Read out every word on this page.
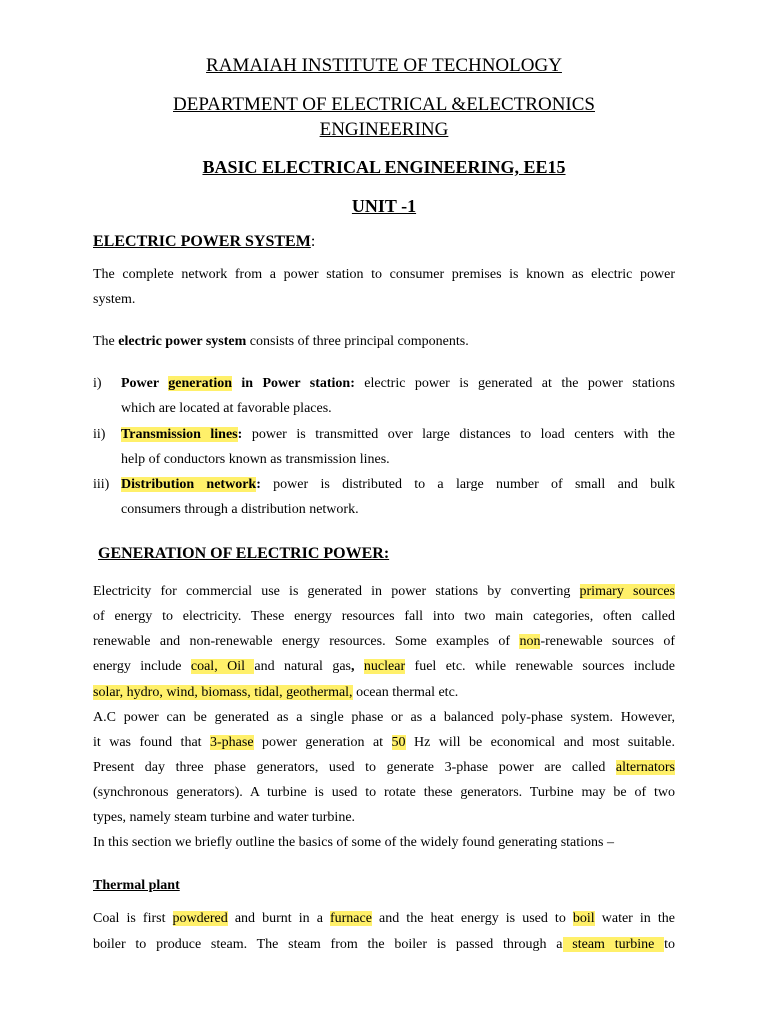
RAMAIAH INSTITUTE OF TECHNOLOGY
DEPARTMENT OF ELECTRICAL &ELECTRONICS
ENGINEERING
BASIC ELECTRICAL ENGINEERING, EE15
UNIT -1
ELECTRIC POWER SYSTEM:
The complete network from a power station to consumer premises is known as electric power
system.
The electric power system consists of three principal components.
i) Power generation in Power station: electric power is generated at the power stations
which are located at favorable places.
ii) Transmission lines: power is transmitted over large distances to load centers with the
help of conductors known as transmission lines.
iii) Distribution network: power is distributed to a large number of small and bulk
consumers through a distribution network.
GENERATION OF ELECTRIC POWER:
Electricity for commercial use is generated in power stations by converting primary sources
of energy to electricity. These energy resources fall into two main categories, often called
renewable and non-renewable energy resources. Some examples of non-renewable sources of
energy include coal, Oil and natural gas, nuclear fuel etc. while renewable sources include
solar, hydro, wind, biomass, tidal, geothermal, ocean thermal etc.
A.C power can be generated as a single phase or as a balanced poly-phase system. However,
it was found that 3-phase power generation at 50 Hz will be economical and most suitable.
Present day three phase generators, used to generate 3-phase power are called alternators
(synchronous generators). A turbine is used to rotate these generators. Turbine may be of two
types, namely steam turbine and water turbine.
In this section we briefly outline the basics of some of the widely found generating stations –
Thermal plant
Coal is first powdered and burnt in a furnace and the heat energy is used to boil water in the
boiler to produce steam. The steam from the boiler is passed through a steam turbine to
